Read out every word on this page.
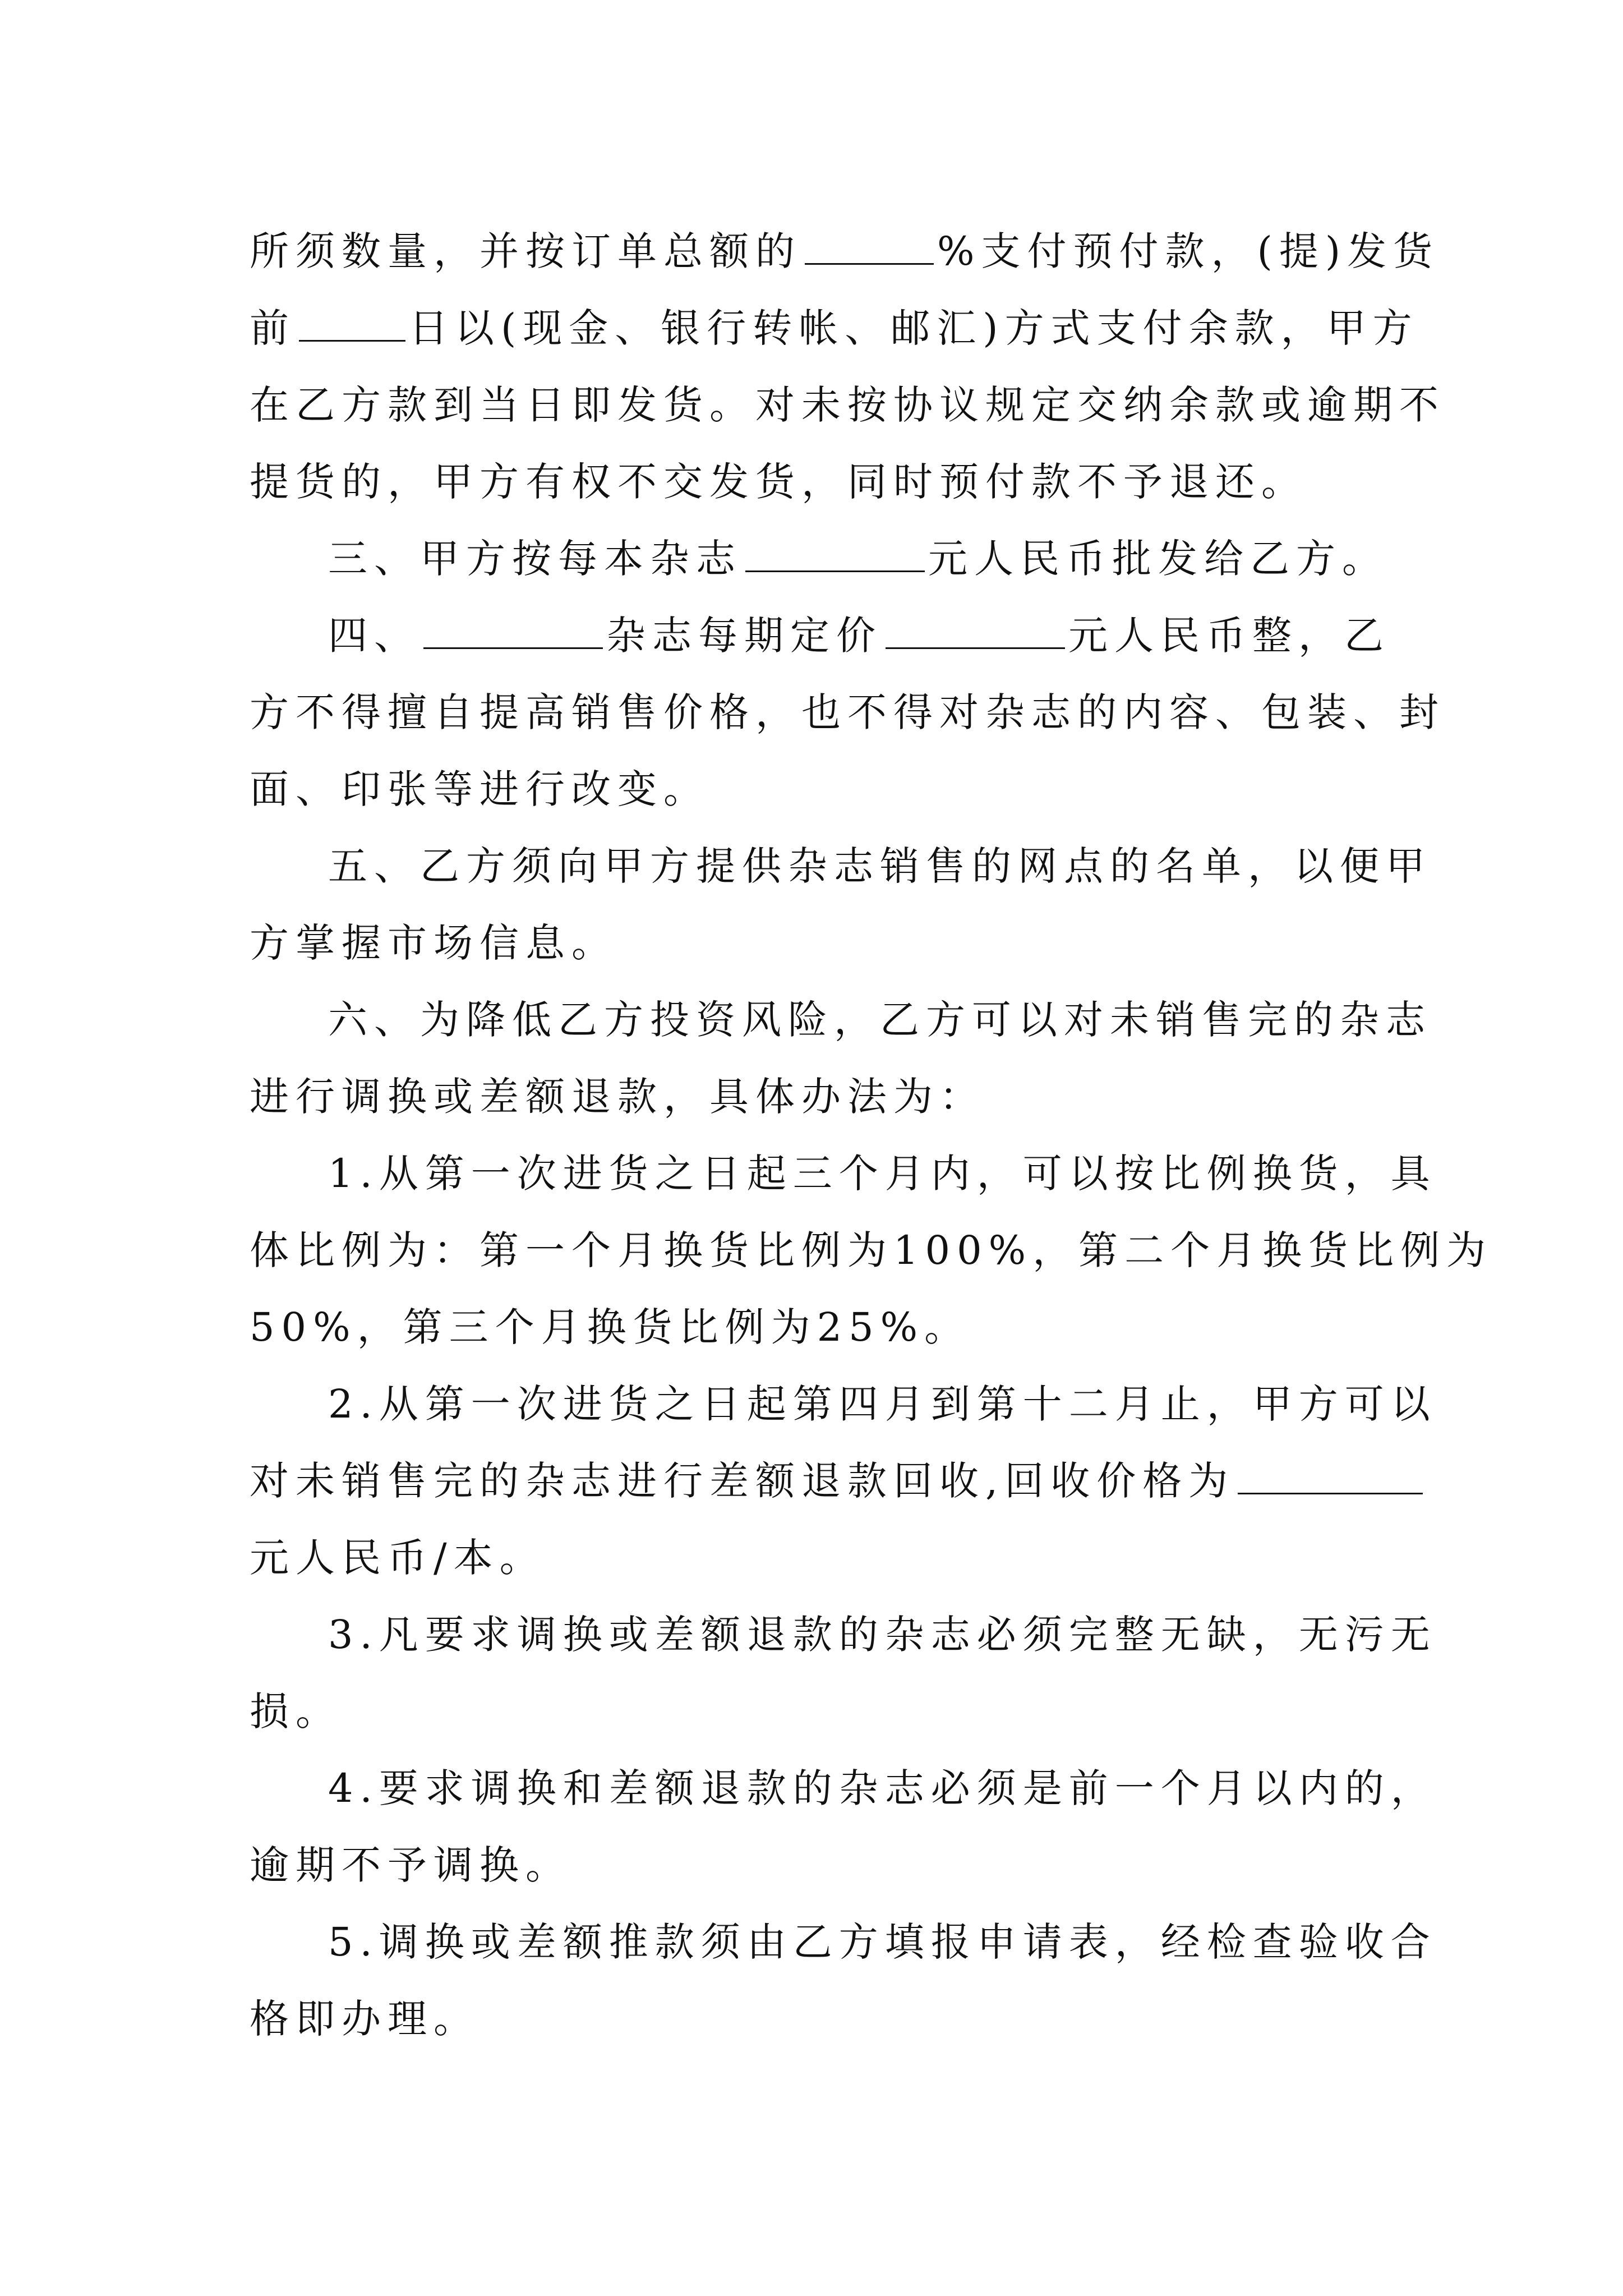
所须数量，并按订单总额的	%支付预付款，(提)发货
前	日以(现金、银行转帐、邮汇)方式支付余款，甲方
在乙方款到当日即发货。对未按协议规定交纳余款或逾期不
提货的，甲方有权不交发货，同时预付款不予退还。
三、甲方按每本杂志	元人民币批发给乙方。
四、	杂志每期定价	元人民币整，乙
方不得擅自提高销售价格，也不得对杂志的内容、包装、封
面、印张等进行改变。
五、乙方须向甲方提供杂志销售的网点的名单，以便甲
方掌握市场信息。
六、为降低乙方投资风险，乙方可以对未销售完的杂志
进行调换或差额退款，具体办法为：
1.从第一次进货之日起三个月内，可以按比例换货，具
体比例为：第一个月换货比例为100%，第二个月换货比例为
50%，第三个月换货比例为25%。
2.从第一次进货之日起第四月到第十二月止，甲方可以
对未销售完的杂志进行差额退款回收,回收价格为
元人民币/本。
3.凡要求调换或差额退款的杂志必须完整无缺，无污无
损。
4.要求调换和差额退款的杂志必须是前一个月以内的，
逾期不予调换。
5.调换或差额推款须由乙方填报申请表，经检查验收合
格即办理。
